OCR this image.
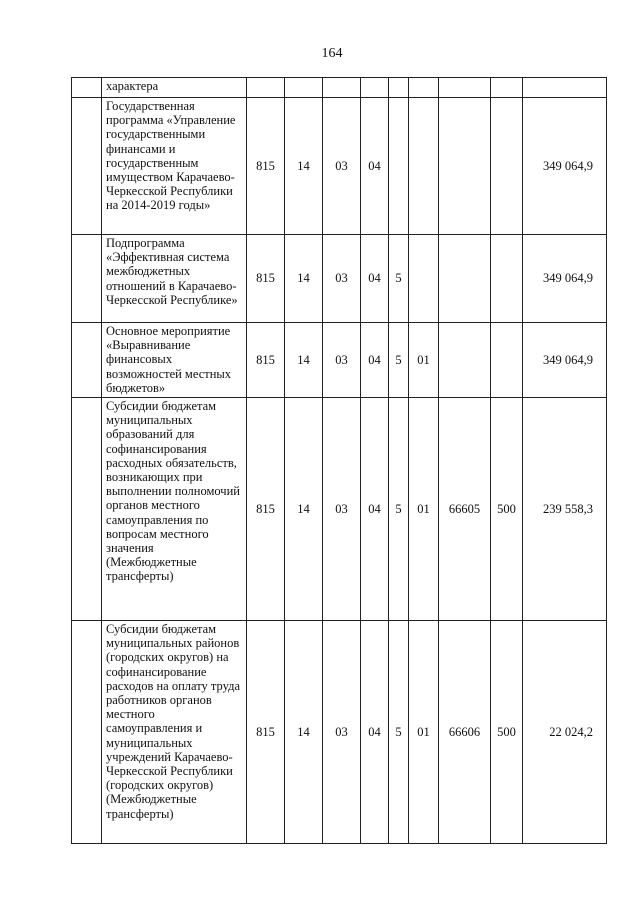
164
	характера									
	Государственная программа «Управление государственными финансами и государственным имуществом Карачаево-Черкесской Республики на 2014-2019 годы»	815	14	03	04					349 064,9
	Подпрограмма «Эффективная система межбюджетных отношений в Карачаево-Черкесской Республике»	815	14	03	04	5				349 064,9
	Основное мероприятие «Выравнивание финансовых возможностей местных бюджетов»	815	14	03	04	5	01			349 064,9
	Субсидии бюджетам муниципальных образований для софинансирования расходных обязательств, возникающих при выполнении полномочий органов местного самоуправления по вопросам местного значения (Межбюджетные трансферты)	815	14	03	04	5	01	66605	500	239 558,3
	Субсидии бюджетам муниципальных районов (городских округов) на софинансирование расходов на оплату труда работников органов местного самоуправления и муниципальных учреждений Карачаево-Черкесской Республики (городских округов) (Межбюджетные трансферты)	815	14	03	04	5	01	66606	500	22 024,2
